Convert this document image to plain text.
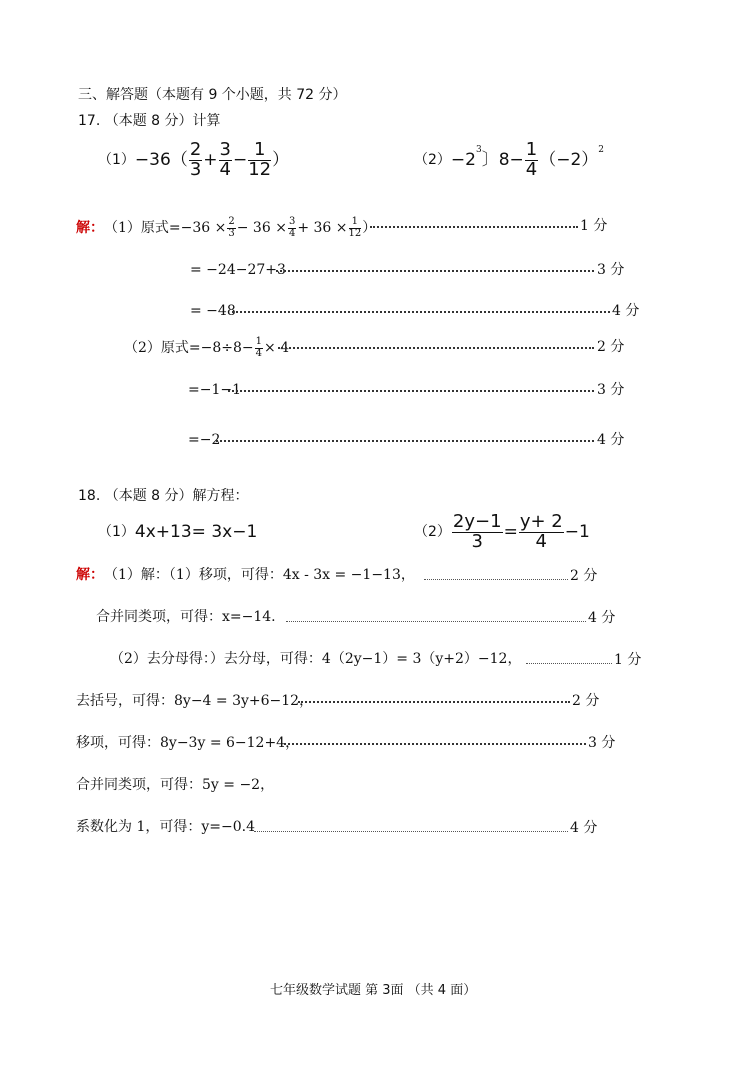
三、解答题（本题有 9 个小题，共 72 分）
17. （本题 8 分）计算
（1） −36 （ $\frac{2}{3} + \frac{3}{4} - \frac{1}{12}$ ）	$(2) -2^3$ 〕$8- \frac{1}{4}$ （ −2）$^2$
解： （1）原式$=-36 \times \frac{2}{3} - 36 \times \frac{3}{4} + 36 \times \frac{1}{12}$ ）	1 分
= −24−27+3	3 分
= −48	4 分
（2）原式$=-8\div 8- \frac{1}{4} \times 4$	2 分
=−1−1	3 分
=−2	4 分
18. （本题 8 分）解方程：
（1） 4x+13= 3x−1	$(2) \frac{2y-1}{3} = \frac{y+ 2}{4} -1$
解： （1）解：（1）移项，可得：4x - 3x = −1−13，	2 分
合并同类项，可得：x=−14.	4 分
（2）去分母得：）去分母，可得：4（2y−1）= 3（y+2）−12，	1 分
去括号，可得：8y−4 = 3y+6−12，	2 分
移项，可得：8y−3y = 6−12+4，	3 分
合并同类项，可得：5y = −2，
系数化为 1，可得：y=−0.4	4 分
七年级数学试题 第 3面 （共 4 面）
